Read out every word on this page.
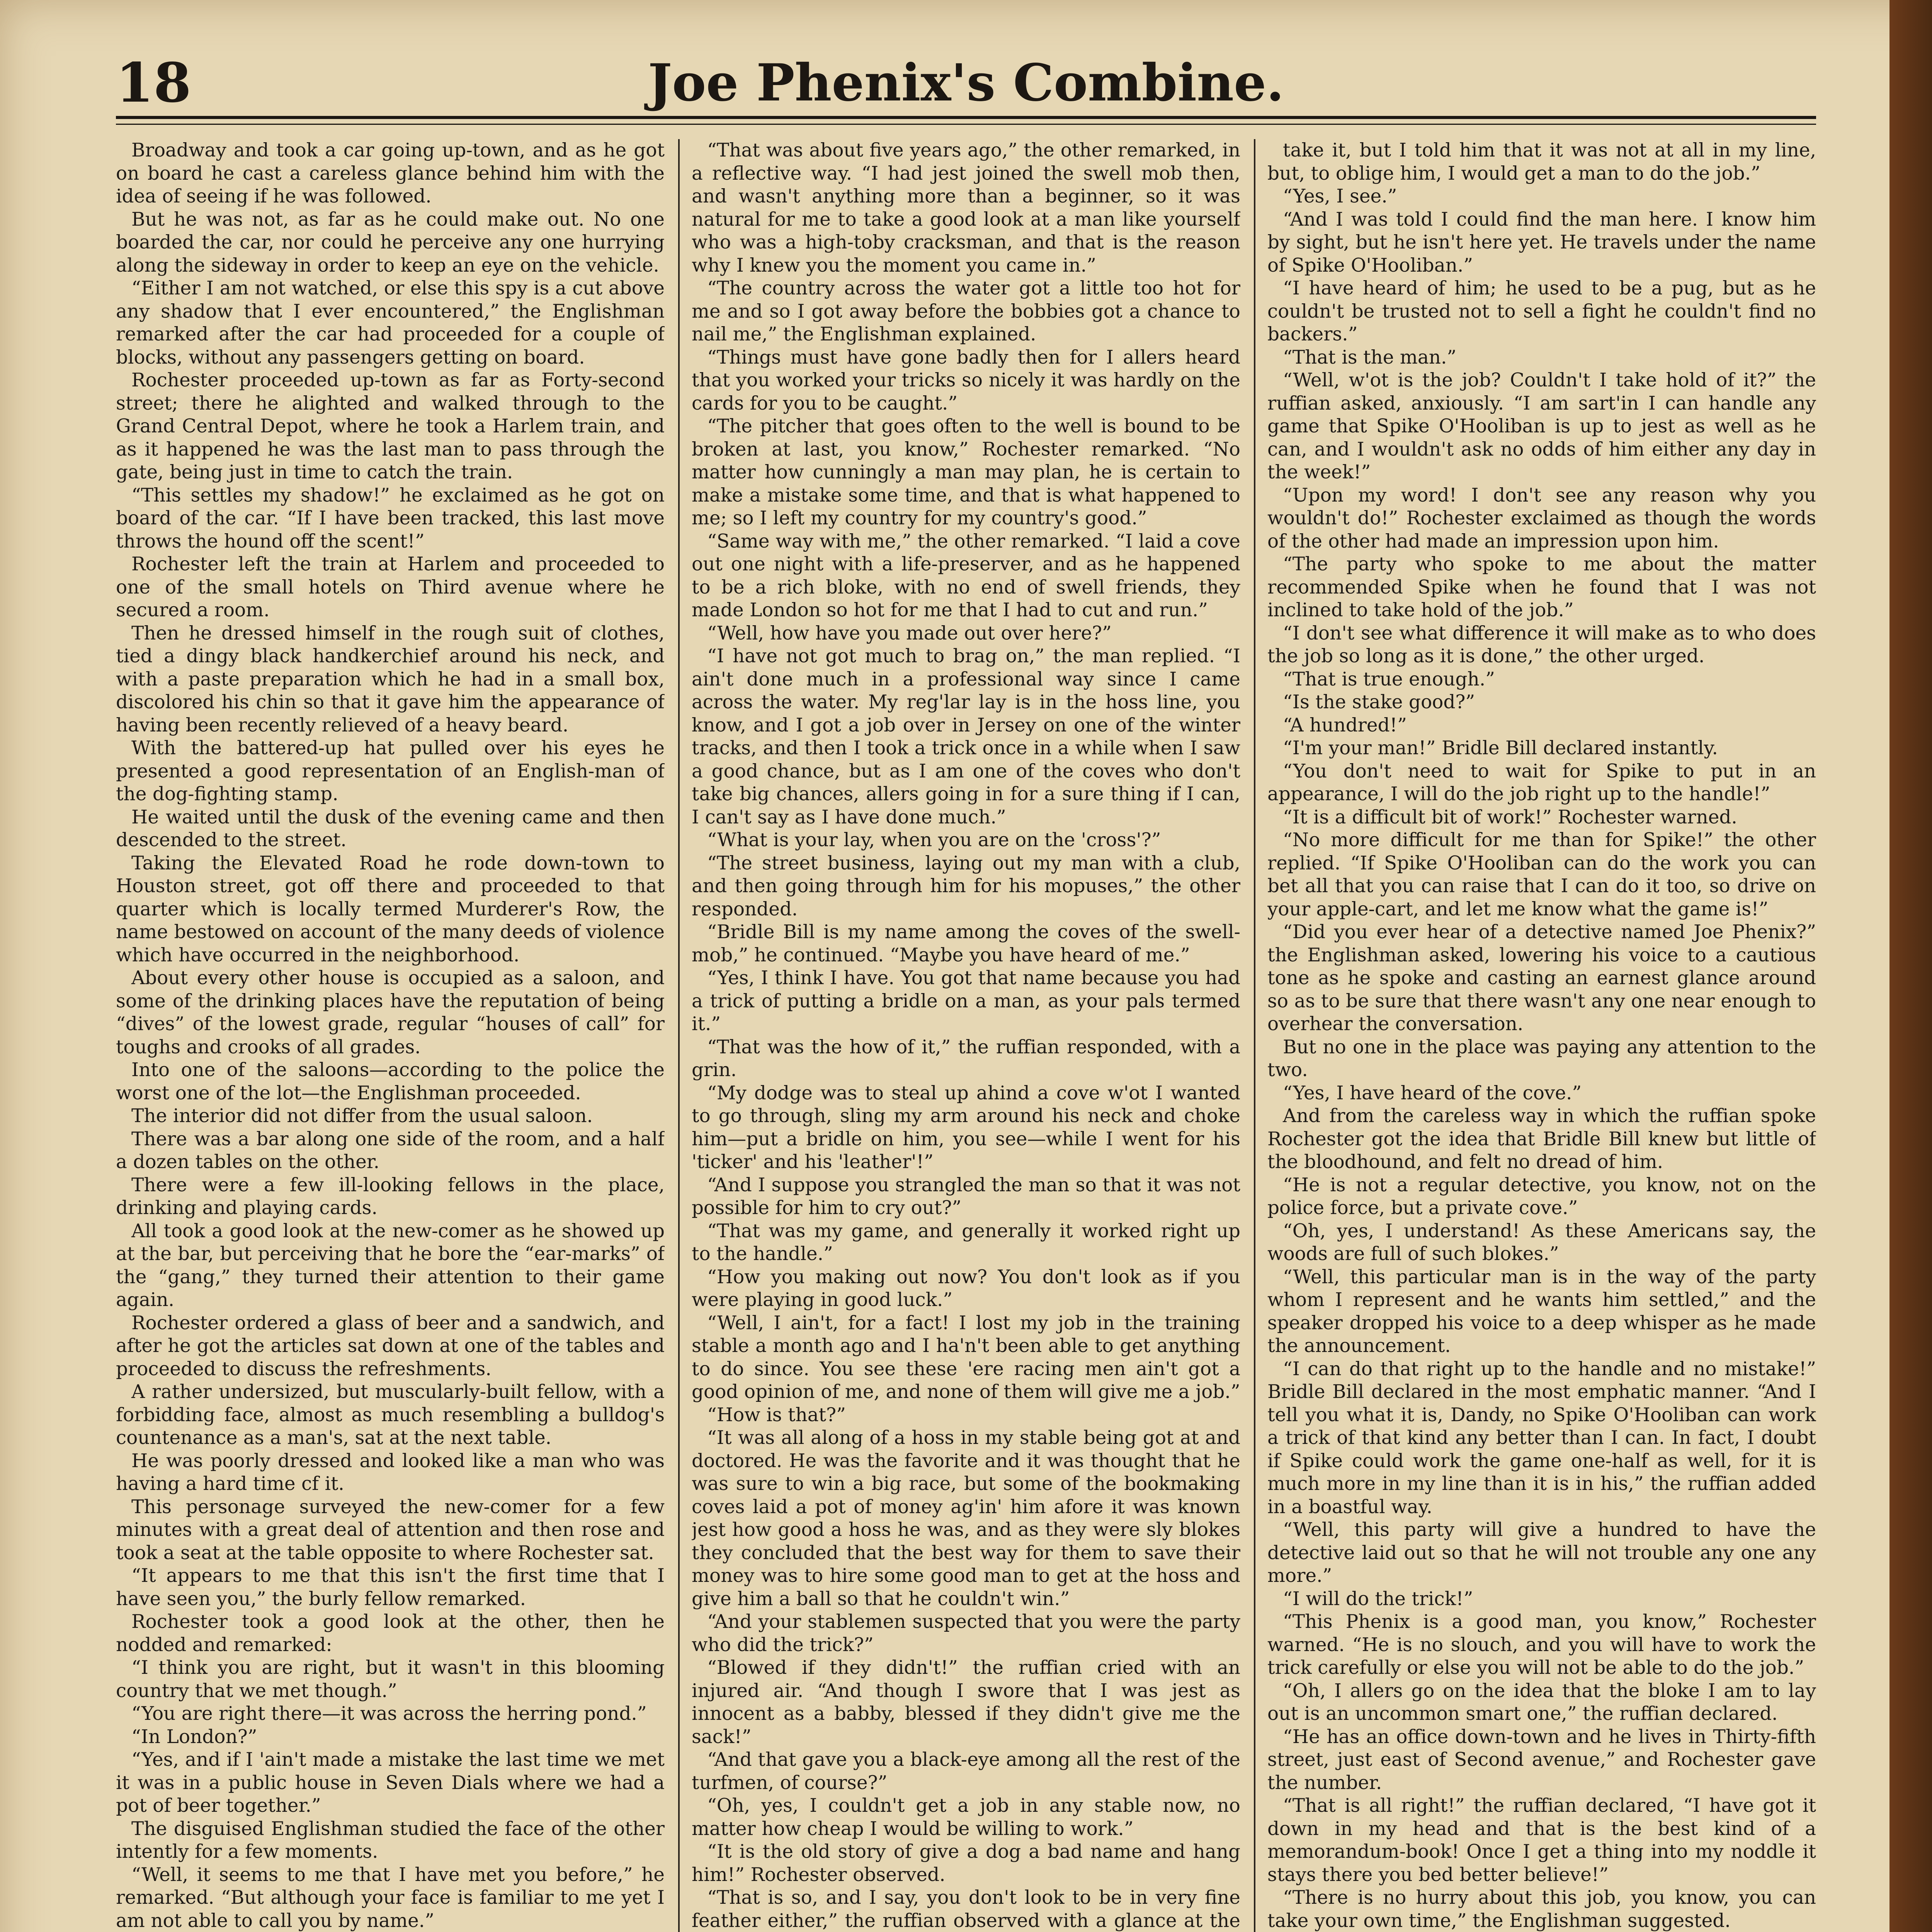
18	Joe Phenix's Combine.

Broadway and took a car going up-town, and as he got on board he cast a careless glance behind him with the idea of seeing if he was followed.

But he was not, as far as he could make out. No one boarded the car, nor could he perceive any one hurrying along the sideway in order to keep an eye on the vehicle.

“Either I am not watched, or else this spy is a cut above any shadow that I ever encountered,” the Englishman remarked after the car had proceeded for a couple of blocks, without any passengers getting on board.

Rochester proceeded up-town as far as Forty-second street; there he alighted and walked through to the Grand Central Depot, where he took a Harlem train, and as it happened he was the last man to pass through the gate, being just in time to catch the train.

“This settles my shadow!” he exclaimed as he got on board of the car. “If I have been tracked, this last move throws the hound off the scent!”

Rochester left the train at Harlem and proceeded to one of the small hotels on Third avenue where he secured a room.

Then he dressed himself in the rough suit of clothes, tied a dingy black handkerchief around his neck, and with a paste preparation which he had in a small box, discolored his chin so that it gave him the appearance of having been recently relieved of a heavy beard.

With the battered-up hat pulled over his eyes he presented a good representation of an English-man of the dog-fighting stamp.

He waited until the dusk of the evening came and then descended to the street.

Taking the Elevated Road he rode down-town to Houston street, got off there and proceeded to that quarter which is locally termed Murderer's Row, the name bestowed on account of the many deeds of violence which have occurred in the neighborhood.

About every other house is occupied as a saloon, and some of the drinking places have the reputation of being “dives” of the lowest grade, regular “houses of call” for toughs and crooks of all grades.

Into one of the saloons—according to the police the worst one of the lot—the Englishman proceeded.

The interior did not differ from the usual saloon.

There was a bar along one side of the room, and a half a dozen tables on the other.

There were a few ill-looking fellows in the place, drinking and playing cards.

All took a good look at the new-comer as he showed up at the bar, but perceiving that he bore the “ear-marks” of the “gang,” they turned their attention to their game again.

Rochester ordered a glass of beer and a sandwich, and after he got the articles sat down at one of the tables and proceeded to discuss the refreshments.

A rather undersized, but muscularly-built fellow, with a forbidding face, almost as much resembling a bulldog's countenance as a man's, sat at the next table.

He was poorly dressed and looked like a man who was having a hard time cf it.

This personage surveyed the new-comer for a few minutes with a great deal of attention and then rose and took a seat at the table opposite to where Rochester sat.

“It appears to me that this isn't the first time that I have seen you,” the burly fellow remarked.

Rochester took a good look at the other, then he nodded and remarked:

“I think you are right, but it wasn't in this blooming country that we met though.”

“You are right there—it was across the herring pond.”

“In London?”

“Yes, and if I 'ain't made a mistake the last time we met it was in a public house in Seven Dials where we had a pot of beer together.”

The disguised Englishman studied the face of the other intently for a few moments.

“Well, it seems to me that I have met you before,” he remarked. “But although your face is familiar to me yet I am not able to call you by name.”

“That was about five years ago,” the other remarked, in a reflective way. “I had jest joined the swell mob then, and wasn't anything more than a beginner, so it was natural for me to take a good look at a man like yourself who was a high-toby cracksman, and that is the reason why I knew you the moment you came in.”

“The country across the water got a little too hot for me and so I got away before the bobbies got a chance to nail me,” the Englishman explained.

“Things must have gone badly then for I allers heard that you worked your tricks so nicely it was hardly on the cards for you to be caught.”

“The pitcher that goes often to the well is bound to be broken at last, you know,” Rochester remarked. “No matter how cunningly a man may plan, he is certain to make a mistake some time, and that is what happened to me; so I left my country for my country's good.”

“Same way with me,” the other remarked. “I laid a cove out one night with a life-preserver, and as he happened to be a rich bloke, with no end of swell friends, they made London so hot for me that I had to cut and run.”

“Well, how have you made out over here?”

“I have not got much to brag on,” the man replied. “I ain't done much in a professional way since I came across the water. My reg'lar lay is in the hoss line, you know, and I got a job over in Jersey on one of the winter tracks, and then I took a trick once in a while when I saw a good chance, but as I am one of the coves who don't take big chances, allers going in for a sure thing if I can, I can't say as I have done much.”

“What is your lay, when you are on the 'cross'?”

“The street business, laying out my man with a club, and then going through him for his mopuses,” the other responded.

“Bridle Bill is my name among the coves of the swell-mob,” he continued. “Maybe you have heard of me.”

“Yes, I think I have. You got that name because you had a trick of putting a bridle on a man, as your pals termed it.”

“That was the how of it,” the ruffian responded, with a grin.

“My dodge was to steal up ahind a cove w'ot I wanted to go through, sling my arm around his neck and choke him—put a bridle on him, you see—while I went for his 'ticker' and his 'leather'!”

“And I suppose you strangled the man so that it was not possible for him to cry out?”

“That was my game, and generally it worked right up to the handle.”

“How you making out now? You don't look as if you were playing in good luck.”

“Well, I ain't, for a fact! I lost my job in the training stable a month ago and I ha'n't been able to get anything to do since. You see these 'ere racing men ain't got a good opinion of me, and none of them will give me a job.”

“How is that?”

“It was all along of a hoss in my stable being got at and doctored. He was the favorite and it was thought that he was sure to win a big race, but some of the bookmaking coves laid a pot of money ag'in' him afore it was known jest how good a hoss he was, and as they were sly blokes they concluded that the best way for them to save their money was to hire some good man to get at the hoss and give him a ball so that he couldn't win.”

“And your stablemen suspected that you were the party who did the trick?”

“Blowed if they didn't!” the ruffian cried with an injured air. “And though I swore that I was jest as innocent as a babby, blessed if they didn't give me the sack!”

“And that gave you a black-eye among all the rest of the turfmen, of course?”

“Oh, yes, I couldn't get a job in any stable now, no matter how cheap I would be willing to work.”

“It is the old story of give a dog a bad name and hang him!” Rochester observed.

“That is so, and I say, you don't look to be in very fine feather either,” the ruffian observed with a glance at the

take it, but I told him that it was not at all in my line, but, to oblige him, I would get a man to do the job.”

“Yes, I see.”

“And I was told I could find the man here. I know him by sight, but he isn't here yet. He travels under the name of Spike O'Hooliban.”

“I have heard of him; he used to be a pug, but as he couldn't be trusted not to sell a fight he couldn't find no backers.”

“That is the man.”

“Well, w'ot is the job? Couldn't I take hold of it?” the ruffian asked, anxiously. “I am sart'in I can handle any game that Spike O'Hooliban is up to jest as well as he can, and I wouldn't ask no odds of him either any day in the week!”

“Upon my word! I don't see any reason why you wouldn't do!” Rochester exclaimed as though the words of the other had made an impression upon him.

“The party who spoke to me about the matter recommended Spike when he found that I was not inclined to take hold of the job.”

“I don't see what difference it will make as to who does the job so long as it is done,” the other urged.

“That is true enough.”

“Is the stake good?”

“A hundred!”

“I'm your man!” Bridle Bill declared instantly.

“You don't need to wait for Spike to put in an appearance, I will do the job right up to the handle!”

“It is a difficult bit of work!” Rochester warned.

“No more difficult for me than for Spike!” the other replied. “If Spike O'Hooliban can do the work you can bet all that you can raise that I can do it too, so drive on your apple-cart, and let me know what the game is!”

“Did you ever hear of a detective named Joe Phenix?” the Englishman asked, lowering his voice to a cautious tone as he spoke and casting an earnest glance around so as to be sure that there wasn't any one near enough to overhear the conversation.

But no one in the place was paying any attention to the two.

“Yes, I have heard of the cove.”

And from the careless way in which the ruffian spoke Rochester got the idea that Bridle Bill knew but little of the bloodhound, and felt no dread of him.

“He is not a regular detective, you know, not on the police force, but a private cove.”

“Oh, yes, I understand! As these Americans say, the woods are full of such blokes.”

“Well, this particular man is in the way of the party whom I represent and he wants him settled,” and the speaker dropped his voice to a deep whisper as he made the announcement.

“I can do that right up to the handle and no mistake!” Bridle Bill declared in the most emphatic manner. “And I tell you what it is, Dandy, no Spike O'Hooliban can work a trick of that kind any better than I can. In fact, I doubt if Spike could work the game one-half as well, for it is much more in my line than it is in his,” the ruffian added in a boastful way.

“Well, this party will give a hundred to have the detective laid out so that he will not trouble any one any more.”

“I will do the trick!”

“This Phenix is a good man, you know,” Rochester warned. “He is no slouch, and you will have to work the trick carefully or else you will not be able to do the job.”

“Oh, I allers go on the idea that the bloke I am to lay out is an uncommon smart one,” the ruffian declared.

“He has an office down-town and he lives in Thirty-fifth street, just east of Second avenue,” and Rochester gave the number.

“That is all right!” the ruffian declared, “I have got it down in my head and that is the best kind of a memorandum-book! Once I get a thing into my noddle it stays there you bed better believe!”

“There is no hurry about this job, you know, you can take your own time,” the Englishman suggested.
